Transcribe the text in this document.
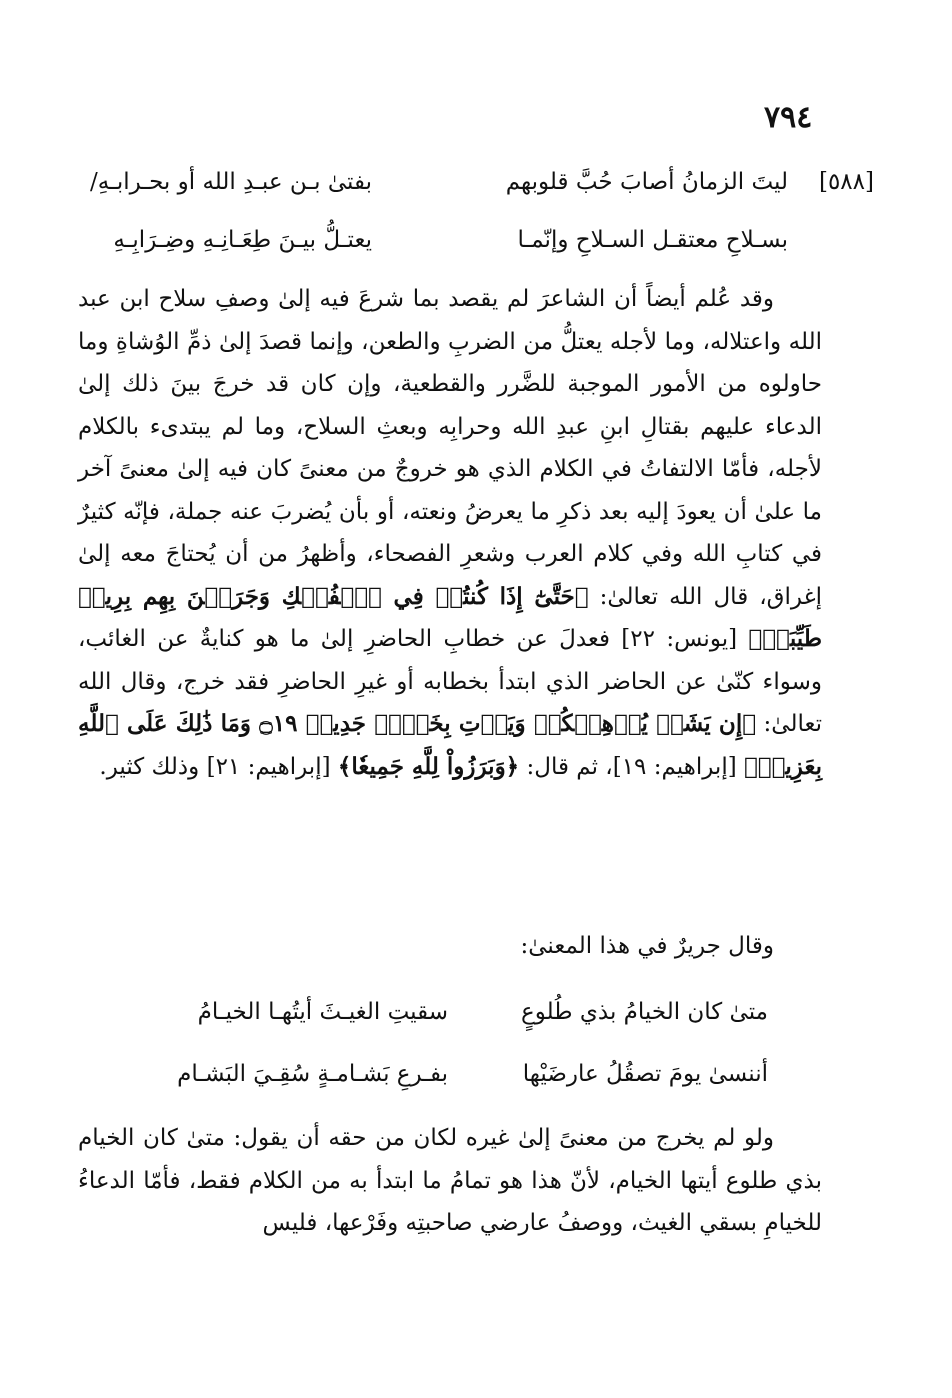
٧٩٤
[٥٨٨]
ليتَ الزمانُ أصابَ حُبَّ قلوبهم
بفتىٰ بـن عبـدِ الله أو بحـرابـهِ/
بسـلاحِ معتقـل السـلاحِ وإنّمـا
يعتـلُّ بيـنَ طِعَـانِـهِ وضِـرَابِـهِ

وقد عُلم أيضاً أن الشاعرَ لم يقصد بما شرعَ فيه إلىٰ وصفِ سلاح ابن عبد الله واعتلاله، وما لأجله يعتلُّ من الضربِ والطعن، وإنما قصدَ إلىٰ ذمِّ الوُشاةِ وما حاولوه من الأمور الموجبة للضَّرر والقطعية، وإن كان قد خرجَ بينَ ذلك إلىٰ الدعاء عليهم بقتالِ ابنِ عبدِ الله وحرابِه وبعثِ السلاح، وما لم يبتدىء بالكلام لأجله، فأمّا الالتفاتُ في الكلام الذي هو خروجٌ من معنىً كان فيه إلىٰ معنىً آخر ما علىٰ أن يعودَ إليه بعد ذكرِ ما يعرضُ ونعته، أو بأن يُضربَ عنه جملة، فإنّه كثيرٌ في كتابِ الله وفي كلام العرب وشعرِ الفصحاء، وأظهرُ من أن يُحتاجَ معه إلىٰ إغراق، قال الله تعالىٰ: ﴿حَتَّىٰٓ إِذَا كُنتُمۡ فِي ٱلۡفُلۡكِ وَجَرَيۡنَ بِهِم بِرِيحٖ طَيِّبَةٖ﴾ [يونس: ٢٢] فعدلَ عن خطابِ الحاضرِ إلىٰ ما هو كنايةٌ عن الغائب، وسواء كنّىٰ عن الحاضر الذي ابتدأ بخطابه أو غيرِ الحاضرِ فقد خرج، وقال الله تعالىٰ: ﴿إِن يَشَأۡ يُذۡهِبۡكُمۡ وَيَأۡتِ بِخَلۡقٖ جَدِيدٖ ۝١٩ وَمَا ذَٰلِكَ عَلَى ٱللَّهِ بِعَزِيزٖ﴾ [إبراهيم: ١٩]، ثم قال: ﴿وَبَرَزُواْ لِلَّهِ جَمِيعٗا﴾ [إبراهيم: ٢١] وذلك كثير.

وقال جريرٌ في هذا المعنىٰ:
متىٰ كان الخيامُ بذي طُلوعٍ
سقيتِ الغيـثَ أيتُهـا الخيـامُ
أننسىٰ يومَ تصقُلُ عارضَيْها
بفـرعِ بَشـامـةٍ سُقِـيَ البَشـام

ولو لم يخرج من معنىً إلىٰ غيره لكان من حقه أن يقول: متىٰ كان الخيام بذي طلوع أيتها الخيام، لأنّ هذا هو تمامُ ما ابتدأ به من الكلام فقط، فأمّا الدعاءُ للخيامِ بسقي الغيث، ووصفُ عارضي صاحبتِه وفَرْعها، فليس
